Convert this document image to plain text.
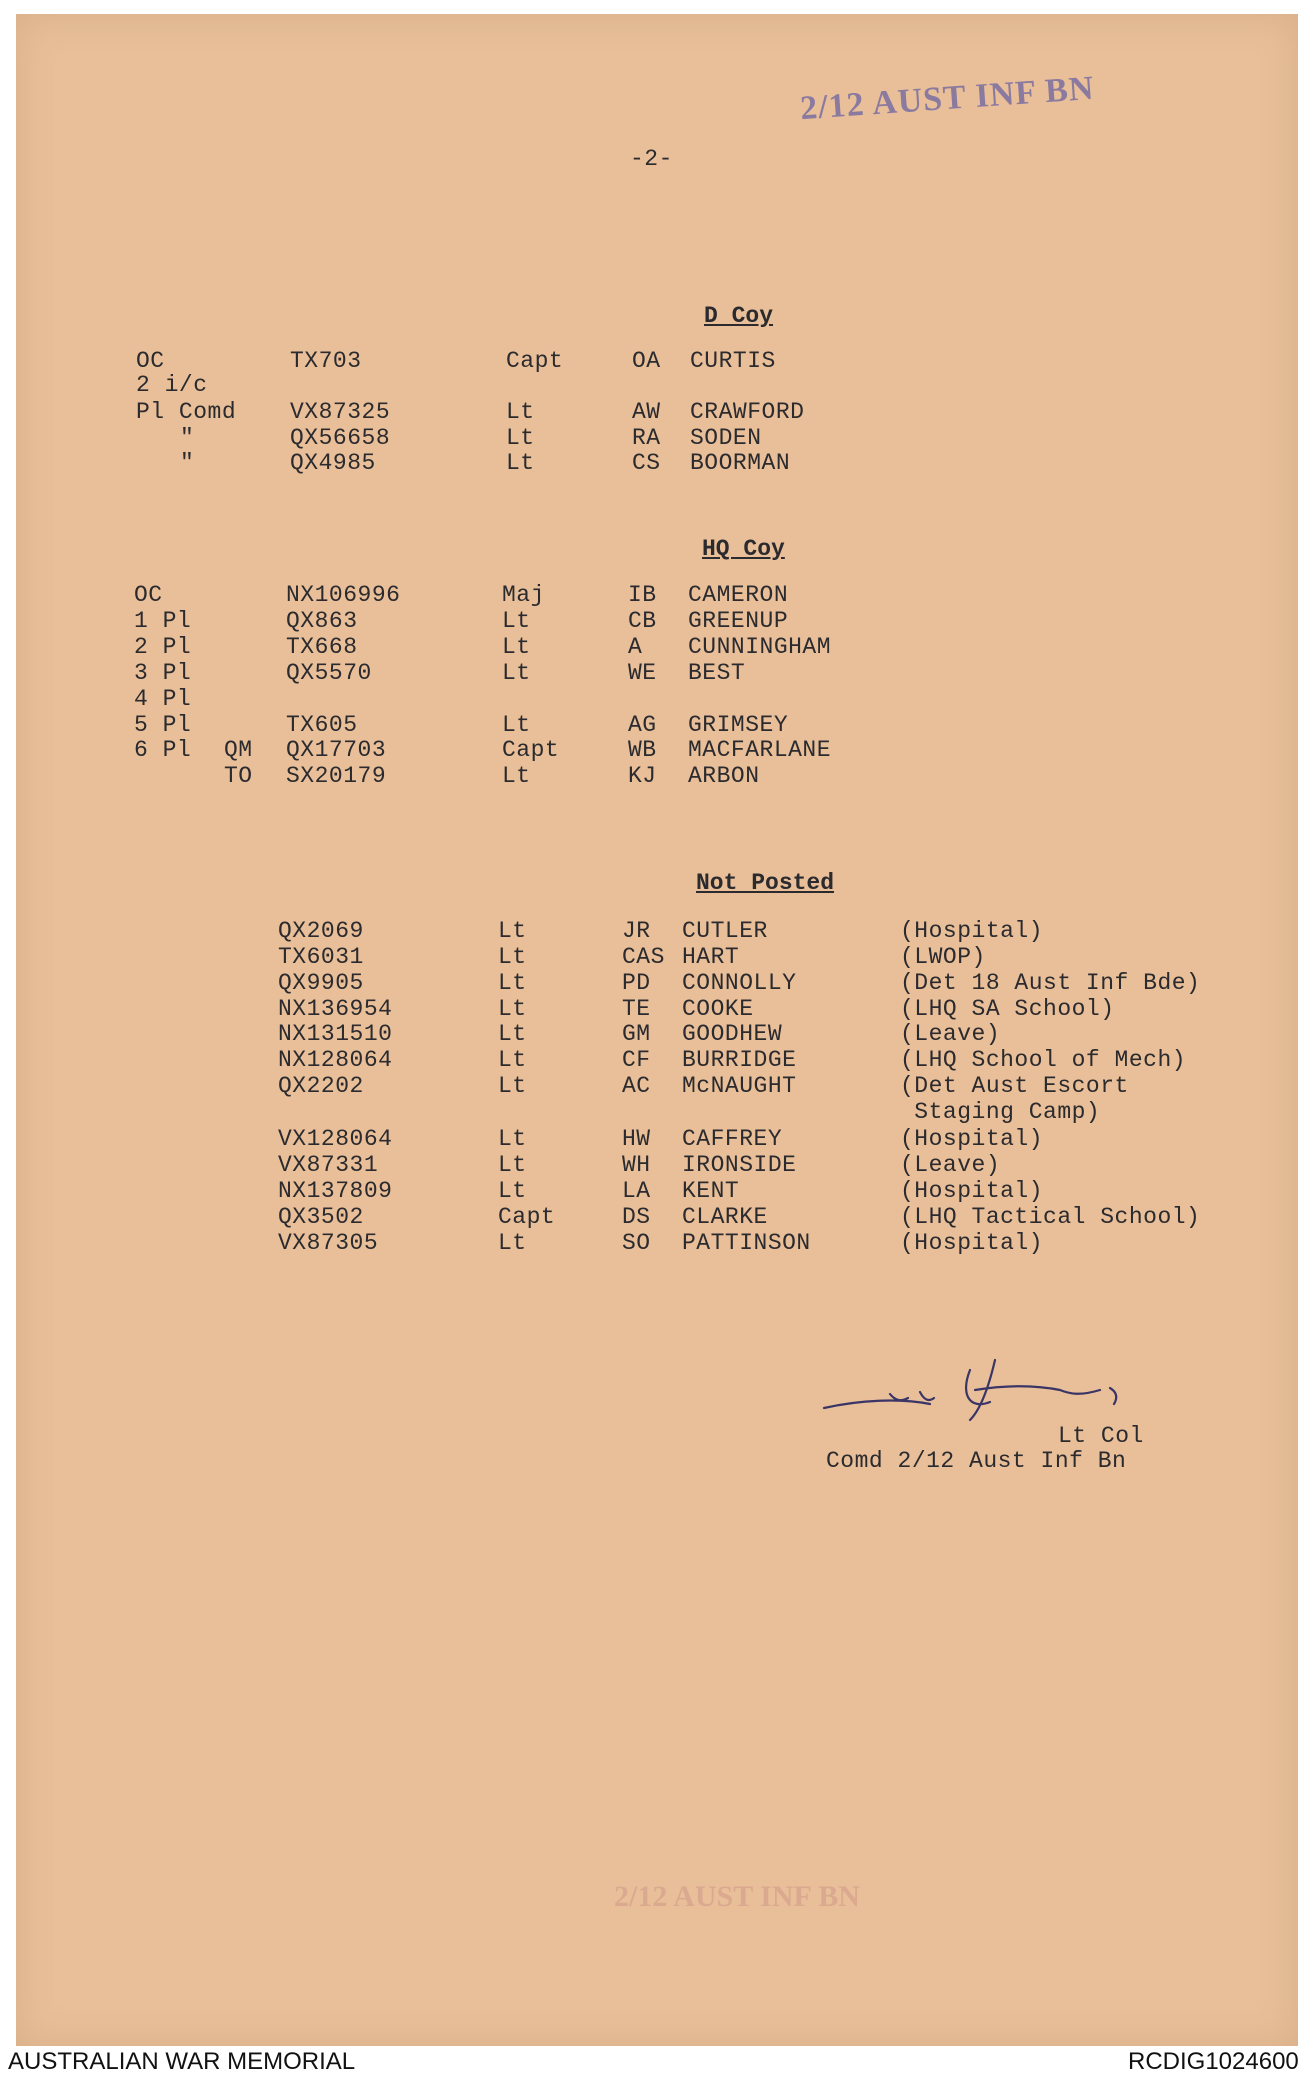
2/12 AUST INF BN
-2-
D Coy
OC	TX703	Capt	OA CURTIS
2 i/c
Pl Comd VX87325	Lt	AW CRAWFORD
"	QX56658	Lt	RA SODEN
"	QX4985	Lt	CS BOORMAN
HQ Coy
OC	NX106996	Maj	IB CAMERON
1 Pl	QX863	Lt	CB GREENUP
2 Pl	TX668	Lt	A CUNNINGHAM
3 Pl	QX5570	Lt	WE BEST
4 Pl
5 Pl	TX605	Lt	AG GRIMSEY
6 Pl QM QX17703	Capt	WB MACFARLANE
TO SX20179	Lt	KJ ARBON
Not Posted
QX2069	Lt	JR CUTLER	(Hospital)
TX6031	Lt	CAS HART	(LWOP)
QX9905	Lt	PD CONNOLLY	(Det 18 Aust Inf Bde)
NX136954	Lt	TE COOKE	(LHQ SA School)
NX131510	Lt	GM GOODHEW	(Leave)
NX128064	Lt	CF BURRIDGE	(LHQ School of Mech)
QX2202	Lt	AC McNAUGHT	(Det Aust Escort
Staging Camp)
VX128064	Lt	HW CAFFREY	(Hospital)
VX87331	Lt	WH IRONSIDE	(Leave)
NX137809	Lt	LA KENT	(Hospital)
QX3502	Capt	DS CLARKE	(LHQ Tactical School)
VX87305	Lt	SO PATTINSON	(Hospital)
Lt Col
Comd 2/12 Aust Inf Bn
2/12 AUST INF BN
AUSTRALIAN WAR MEMORIAL	RCDIG1024600
